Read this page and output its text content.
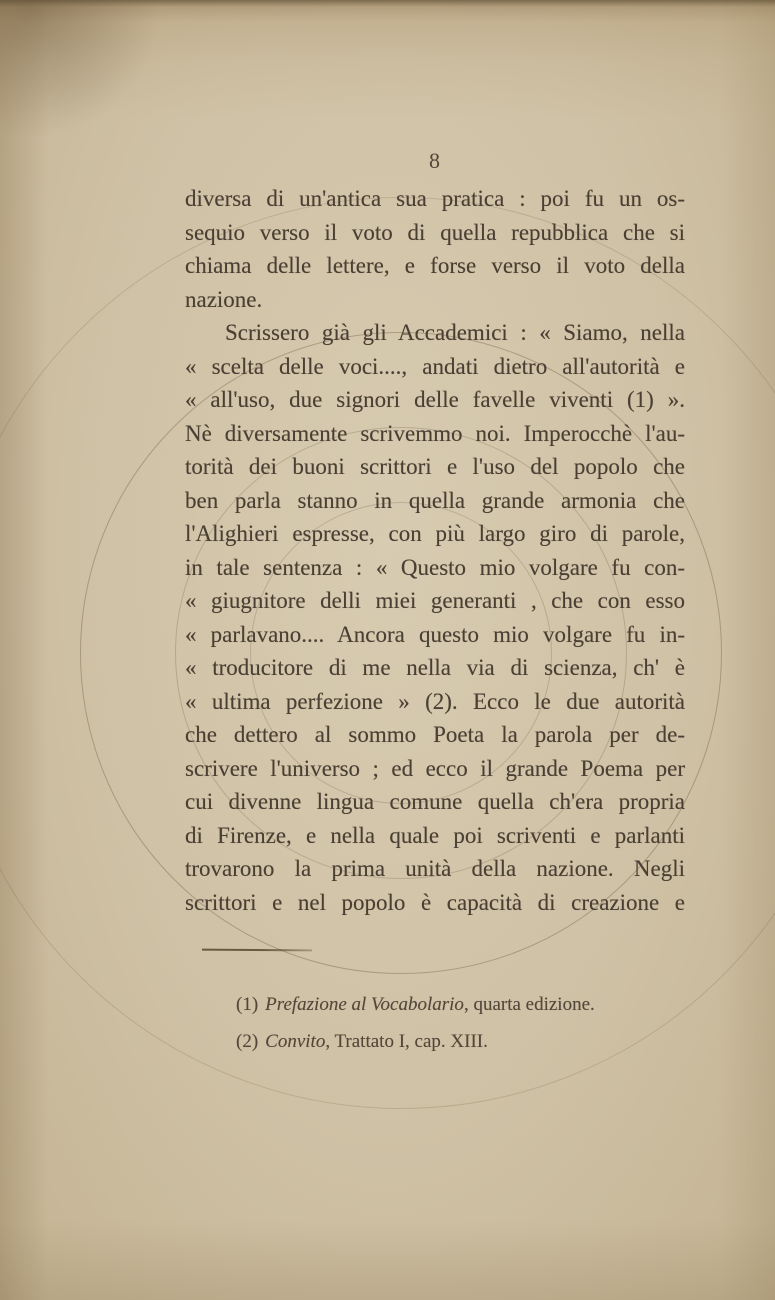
8
diversa di un'antica sua pratica : poi fu un os-
sequio verso il voto di quella repubblica che si
chiama delle lettere, e forse verso il voto della
nazione.
Scrissero già gli Accademici : « Siamo, nella
« scelta delle voci...., andati dietro all'autorità e
« all'uso, due signori delle favelle viventi (1) ».
Nè diversamente scrivemmo noi. Imperocchè l'au-
torità dei buoni scrittori e l'uso del popolo che
ben parla stanno in quella grande armonia che
l'Alighieri espresse, con più largo giro di parole,
in tale sentenza : « Questo mio volgare fu con-
« giugnitore delli miei generanti , che con esso
« parlavano.... Ancora questo mio volgare fu in-
« troducitore di me nella via di scienza, ch' è
« ultima perfezione » (2). Ecco le due autorità
che dettero al sommo Poeta la parola per de-
scrivere l'universo ; ed ecco il grande Poema per
cui divenne lingua comune quella ch'era propria
di Firenze, e nella quale poi scriventi e parlanti
trovarono la prima unità della nazione. Negli
scrittori e nel popolo è capacità di creazione e
(1) Prefazione al Vocabolario, quarta edizione.
(2) Convito, Trattato I, cap. XIII.
